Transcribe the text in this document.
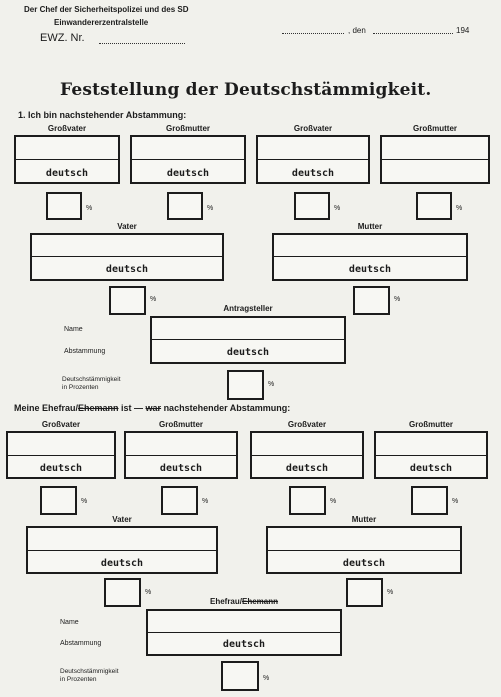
Der Chef der Sicherheitspolizei und des SD
Einwandererzentralstelle
EWZ. Nr.
, den	194
Feststellung der Deutschstämmigkeit.
1. Ich bin nachstehender Abstammung:
Großvater	Großmutter	Großvater	Großmutter
deutsch	deutsch	deutsch
%	%	%	%
Vater	Mutter
deutsch	deutsch
%	%
Antragsteller
deutsch
Name
Abstammung
Deutschstämmigkeit
in Prozenten	%
Meine Ehefrau/Ehemann ist — war nachstehender Abstammung:
Großvater	Großmutter	Großvater	Großmutter
deutsch	deutsch	deutsch	deutsch
%	%	%	%
Vater	Mutter
deutsch	deutsch
%	%
Ehefrau/Ehemann
deutsch
Name
Abstammung
Deutschstämmigkeit
in Prozenten	%
